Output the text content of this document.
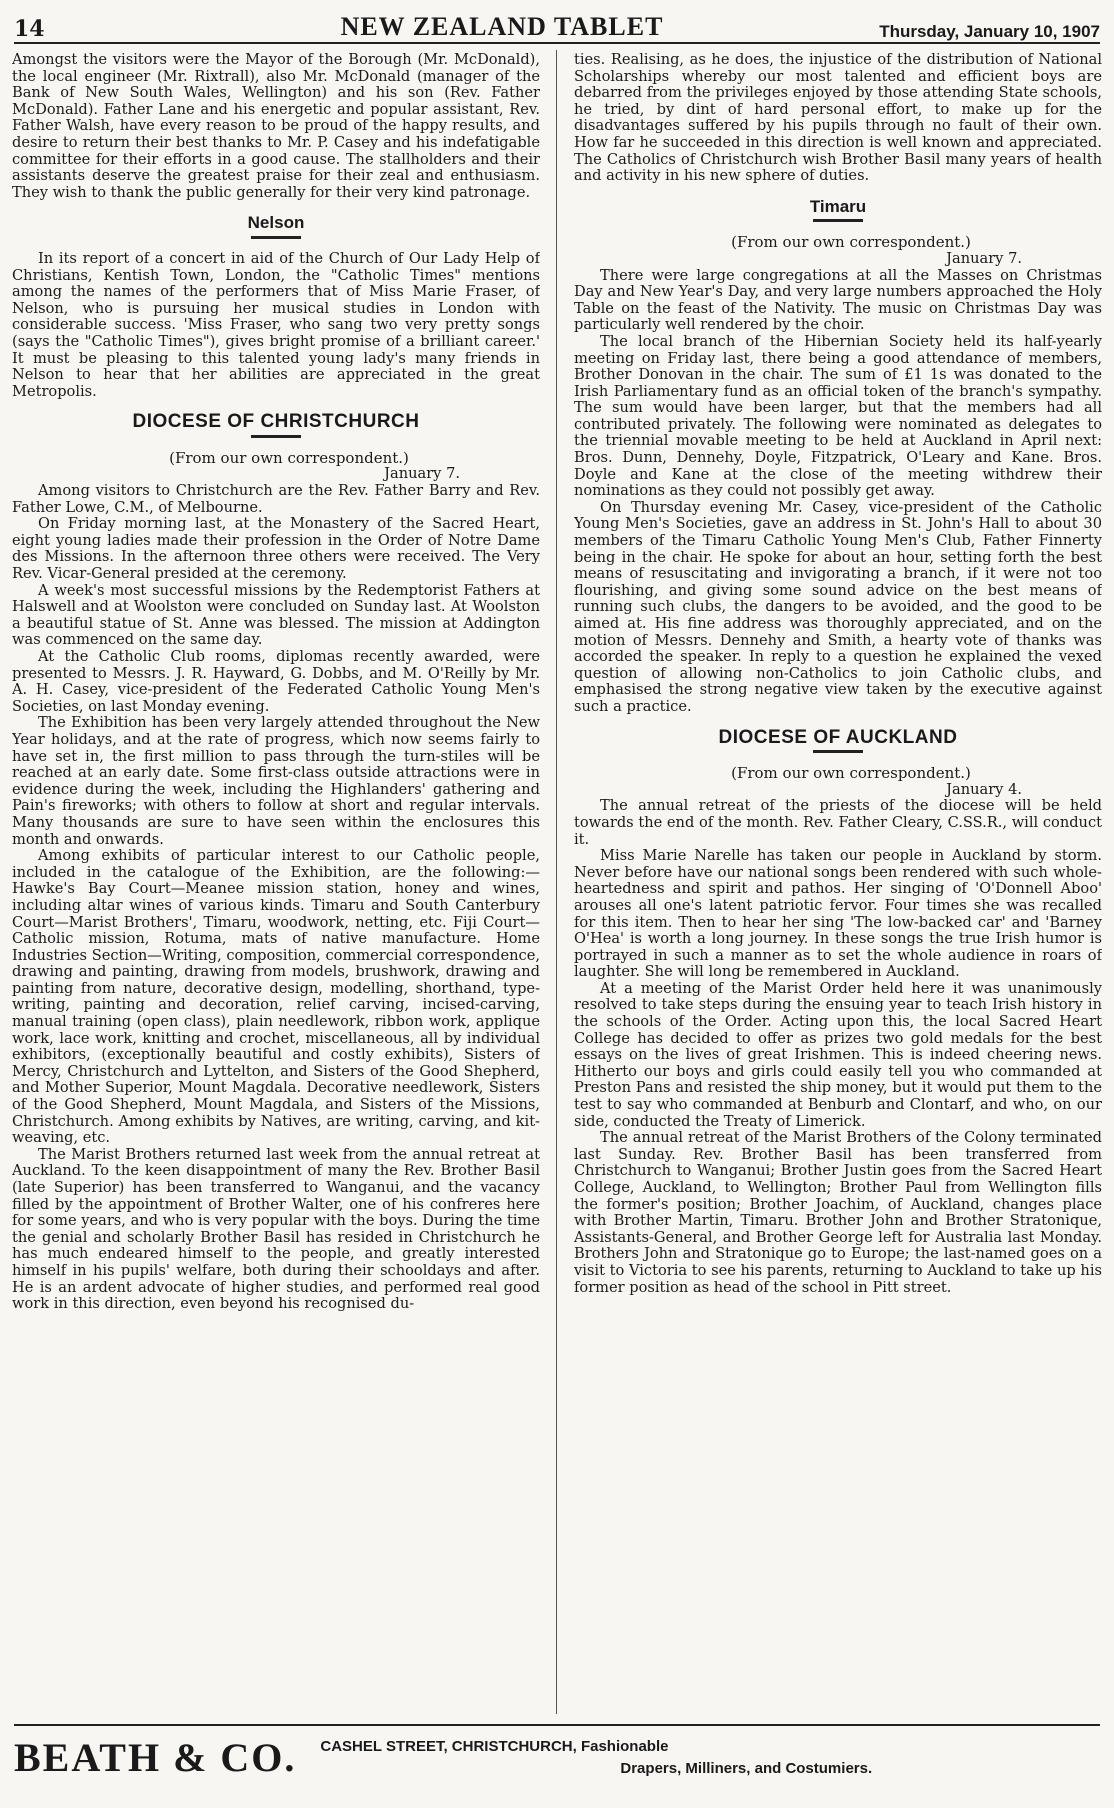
14	NEW ZEALAND TABLET	Thursday, January 10, 1907

Amongst the visitors were the Mayor of the Borough (Mr. McDonald), the local engineer (Mr. Rixtrall), also Mr. McDonald (manager of the Bank of New South Wales, Wellington) and his son (Rev. Father McDonald). Father Lane and his energetic and popular assistant, Rev. Father Walsh, have every reason to be proud of the happy results, and desire to return their best thanks to Mr. P. Casey and his indefatigable committee for their efforts in a good cause. The stallholders and their assistants deserve the greatest praise for their zeal and enthusiasm. They wish to thank the public generally for their very kind patronage.

Nelson

In its report of a concert in aid of the Church of Our Lady Help of Christians, Kentish Town, London, the "Catholic Times" mentions among the names of the performers that of Miss Marie Fraser, of Nelson, who is pursuing her musical studies in London with considerable success. 'Miss Fraser, who sang two very pretty songs (says the "Catholic Times"), gives bright promise of a brilliant career.' It must be pleasing to this talented young lady's many friends in Nelson to hear that her abilities are appreciated in the great Metropolis.

DIOCESE OF CHRISTCHURCH

(From our own correspondent.)

January 7.

Among visitors to Christchurch are the Rev. Father Barry and Rev. Father Lowe, C.M., of Melbourne.

On Friday morning last, at the Monastery of the Sacred Heart, eight young ladies made their profession in the Order of Notre Dame des Missions. In the afternoon three others were received. The Very Rev. Vicar-General presided at the ceremony.

A week's most successful missions by the Redemptorist Fathers at Halswell and at Woolston were concluded on Sunday last. At Woolston a beautiful statue of St. Anne was blessed. The mission at Addington was commenced on the same day.

At the Catholic Club rooms, diplomas recently awarded, were presented to Messrs. J. R. Hayward, G. Dobbs, and M. O'Reilly by Mr. A. H. Casey, vice-president of the Federated Catholic Young Men's Societies, on last Monday evening.

The Exhibition has been very largely attended throughout the New Year holidays, and at the rate of progress, which now seems fairly to have set in, the first million to pass through the turn-stiles will be reached at an early date. Some first-class outside attractions were in evidence during the week, including the Highlanders' gathering and Pain's fireworks; with others to follow at short and regular intervals. Many thousands are sure to have seen within the enclosures this month and onwards.

Among exhibits of particular interest to our Catholic people, included in the catalogue of the Exhibition, are the following:—Hawke's Bay Court—Meanee mission station, honey and wines, including altar wines of various kinds. Timaru and South Canterbury Court—Marist Brothers', Timaru, woodwork, netting, etc. Fiji Court—Catholic mission, Rotuma, mats of native manufacture. Home Industries Section—Writing, composition, commercial correspondence, drawing and painting, drawing from models, brushwork, drawing and painting from nature, decorative design, modelling, shorthand, type-writing, painting and decoration, relief carving, incised-carving, manual training (open class), plain needlework, ribbon work, applique work, lace work, knitting and crochet, miscellaneous, all by individual exhibitors, (exceptionally beautiful and costly exhibits), Sisters of Mercy, Christchurch and Lyttelton, and Sisters of the Good Shepherd, and Mother Superior, Mount Magdala. Decorative needlework, Sisters of the Good Shepherd, Mount Magdala, and Sisters of the Missions, Christchurch. Among exhibits by Natives, are writing, carving, and kit-weaving, etc.

The Marist Brothers returned last week from the annual retreat at Auckland. To the keen disappointment of many the Rev. Brother Basil (late Superior) has been transferred to Wanganui, and the vacancy filled by the appointment of Brother Walter, one of his confreres here for some years, and who is very popular with the boys. During the time the genial and scholarly Brother Basil has resided in Christchurch he has much endeared himself to the people, and greatly interested himself in his pupils' welfare, both during their schooldays and after. He is an ardent advocate of higher studies, and performed real good work in this direction, even beyond his recognised du-

ties. Realising, as he does, the injustice of the distribution of National Scholarships whereby our most talented and efficient boys are debarred from the privileges enjoyed by those attending State schools, he tried, by dint of hard personal effort, to make up for the disadvantages suffered by his pupils through no fault of their own. How far he succeeded in this direction is well known and appreciated. The Catholics of Christchurch wish Brother Basil many years of health and activity in his new sphere of duties.

Timaru

(From our own correspondent.)

January 7.

There were large congregations at all the Masses on Christmas Day and New Year's Day, and very large numbers approached the Holy Table on the feast of the Nativity. The music on Christmas Day was particularly well rendered by the choir.

The local branch of the Hibernian Society held its half-yearly meeting on Friday last, there being a good attendance of members, Brother Donovan in the chair. The sum of £1 1s was donated to the Irish Parliamentary fund as an official token of the branch's sympathy. The sum would have been larger, but that the members had all contributed privately. The following were nominated as delegates to the triennial movable meeting to be held at Auckland in April next: Bros. Dunn, Dennehy, Doyle, Fitzpatrick, O'Leary and Kane. Bros. Doyle and Kane at the close of the meeting withdrew their nominations as they could not possibly get away.

On Thursday evening Mr. Casey, vice-president of the Catholic Young Men's Societies, gave an address in St. John's Hall to about 30 members of the Timaru Catholic Young Men's Club, Father Finnerty being in the chair. He spoke for about an hour, setting forth the best means of resuscitating and invigorating a branch, if it were not too flourishing, and giving some sound advice on the best means of running such clubs, the dangers to be avoided, and the good to be aimed at. His fine address was thoroughly appreciated, and on the motion of Messrs. Dennehy and Smith, a hearty vote of thanks was accorded the speaker. In reply to a question he explained the vexed question of allowing non-Catholics to join Catholic clubs, and emphasised the strong negative view taken by the executive against such a practice.

DIOCESE OF AUCKLAND

(From our own correspondent.)

January 4.

The annual retreat of the priests of the diocese will be held towards the end of the month. Rev. Father Cleary, C.SS.R., will conduct it.

Miss Marie Narelle has taken our people in Auckland by storm. Never before have our national songs been rendered with such whole-heartedness and spirit and pathos. Her singing of 'O'Donnell Aboo' arouses all one's latent patriotic fervor. Four times she was recalled for this item. Then to hear her sing 'The low-backed car' and 'Barney O'Hea' is worth a long journey. In these songs the true Irish humor is portrayed in such a manner as to set the whole audience in roars of laughter. She will long be remembered in Auckland.

At a meeting of the Marist Order held here it was unanimously resolved to take steps during the ensuing year to teach Irish history in the schools of the Order. Acting upon this, the local Sacred Heart College has decided to offer as prizes two gold medals for the best essays on the lives of great Irishmen. This is indeed cheering news. Hitherto our boys and girls could easily tell you who commanded at Preston Pans and resisted the ship money, but it would put them to the test to say who commanded at Benburb and Clontarf, and who, on our side, conducted the Treaty of Limerick.

The annual retreat of the Marist Brothers of the Colony terminated last Sunday. Rev. Brother Basil has been transferred from Christchurch to Wanganui; Brother Justin goes from the Sacred Heart College, Auckland, to Wellington; Brother Paul from Wellington fills the former's position; Brother Joachim, of Auckland, changes place with Brother Martin, Timaru. Brother John and Brother Stratonique, Assistants-General, and Brother George left for Australia last Monday. Brothers John and Stratonique go to Europe; the last-named goes on a visit to Victoria to see his parents, returning to Auckland to take up his former position as head of the school in Pitt street.

BEATH & CO. CASHEL STREET, CHRISTCHURCH, Fashionable
Drapers, Milliners, and Costumiers.
